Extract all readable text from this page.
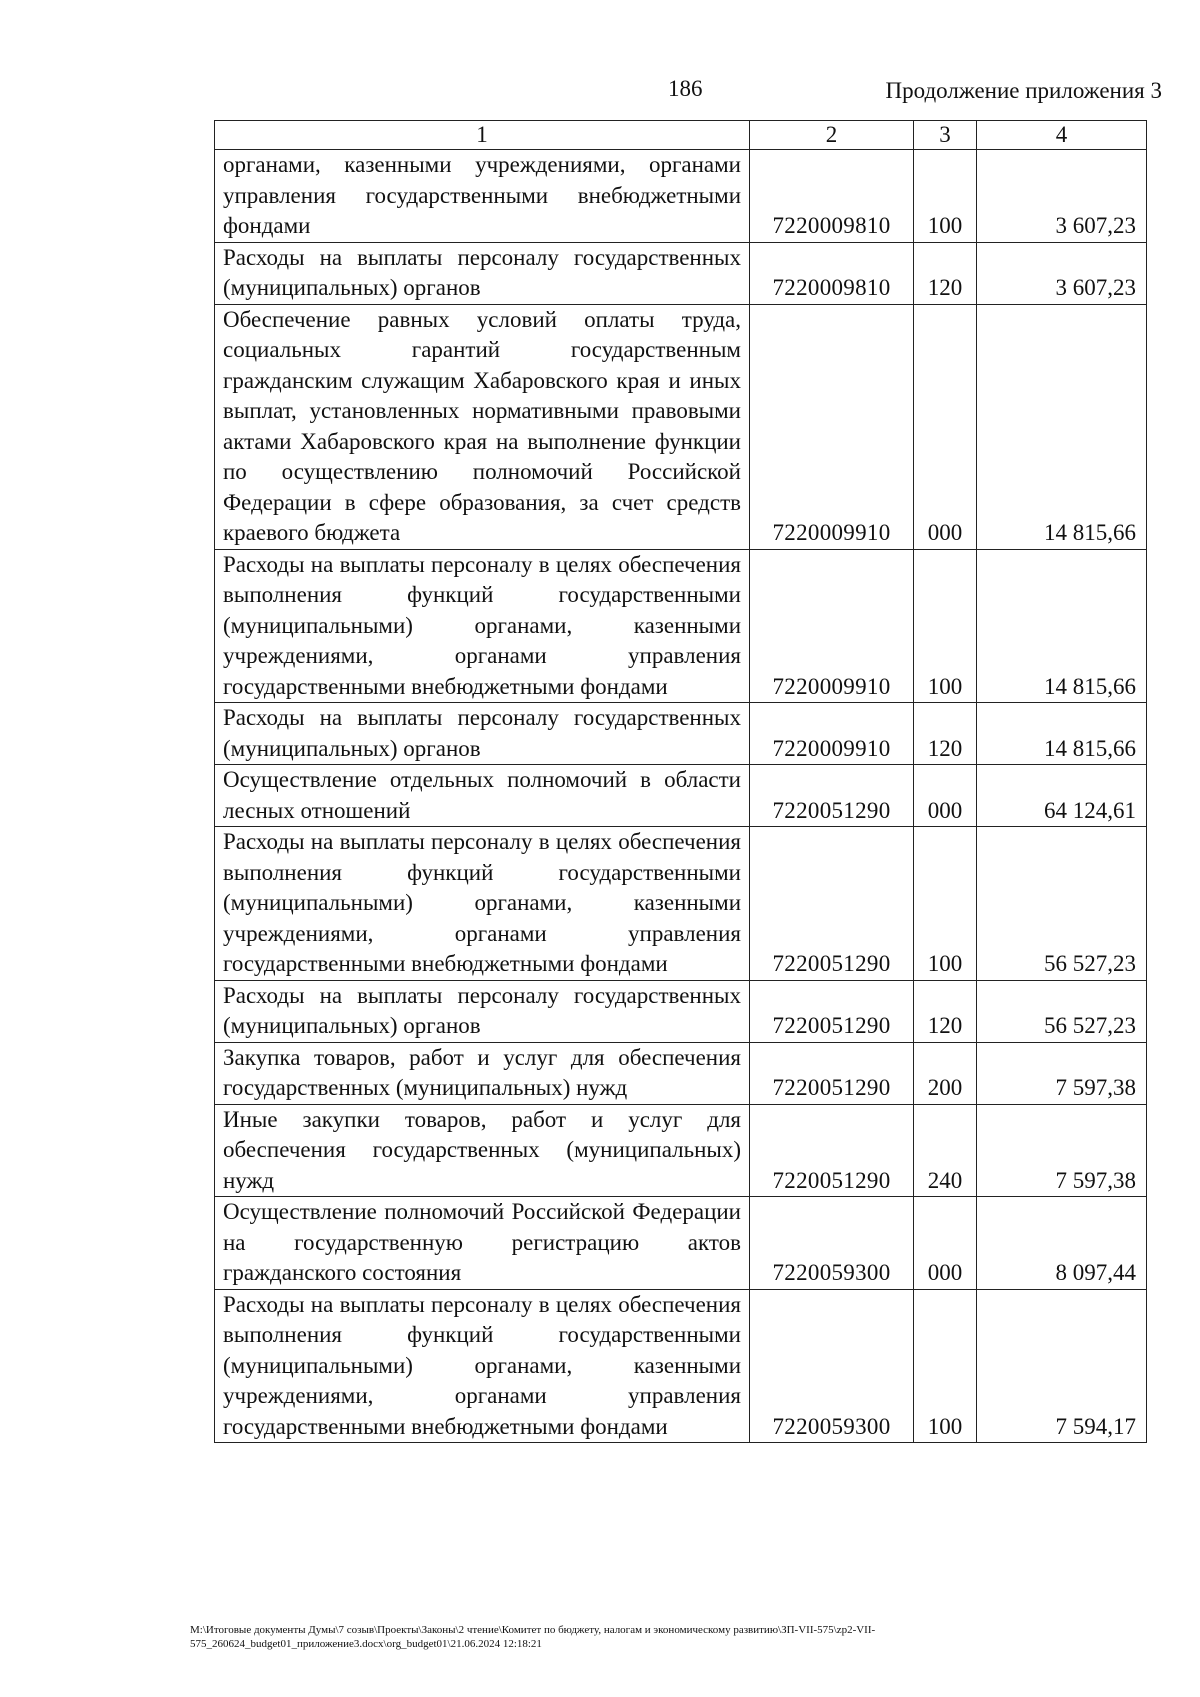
186	Продолжение приложения 3
1	2	3	4
органами, казенными учреждениями, органами управления государственными внебюджетными фондами	7220009810	100	3 607,23
Расходы на выплаты персоналу государственных (муниципальных) органов	7220009810	120	3 607,23
Обеспечение равных условий оплаты труда, социальных гарантий государственным гражданским служащим Хабаровского края и иных выплат, установленных нормативными правовыми актами Хабаровского края на выполнение функции по осуществлению полномочий Российской Федерации в сфере образования, за счет средств краевого бюджета	7220009910	000	14 815,66
Расходы на выплаты персоналу в целях обеспечения выполнения функций государственными (муниципальными) органами, казенными учреждениями, органами управления государственными внебюджетными фондами	7220009910	100	14 815,66
Расходы на выплаты персоналу государственных (муниципальных) органов	7220009910	120	14 815,66
Осуществление отдельных полномочий в области лесных отношений	7220051290	000	64 124,61
Расходы на выплаты персоналу в целях обеспечения выполнения функций государственными (муниципальными) органами, казенными учреждениями, органами управления государственными внебюджетными фондами	7220051290	100	56 527,23
Расходы на выплаты персоналу государственных (муниципальных) органов	7220051290	120	56 527,23
Закупка товаров, работ и услуг для обеспечения государственных (муниципальных) нужд	7220051290	200	7 597,38
Иные закупки товаров, работ и услуг для обеспечения государственных (муниципальных) нужд	7220051290	240	7 597,38
Осуществление полномочий Российской Федерации на государственную регистрацию актов гражданского состояния	7220059300	000	8 097,44
Расходы на выплаты персоналу в целях обеспечения выполнения функций государственными (муниципальными) органами, казенными учреждениями, органами управления государственными внебюджетными фондами	7220059300	100	7 594,17
М:\Итоговые документы Думы\7 созыв\Проекты\Законы\2 чтение\Комитет по бюджету, налогам и экономическому развитию\ЗП-VII-575\zp2-VII-575_260624_budget01_приложение3.docx\org_budget01\21.06.2024 12:18:21
